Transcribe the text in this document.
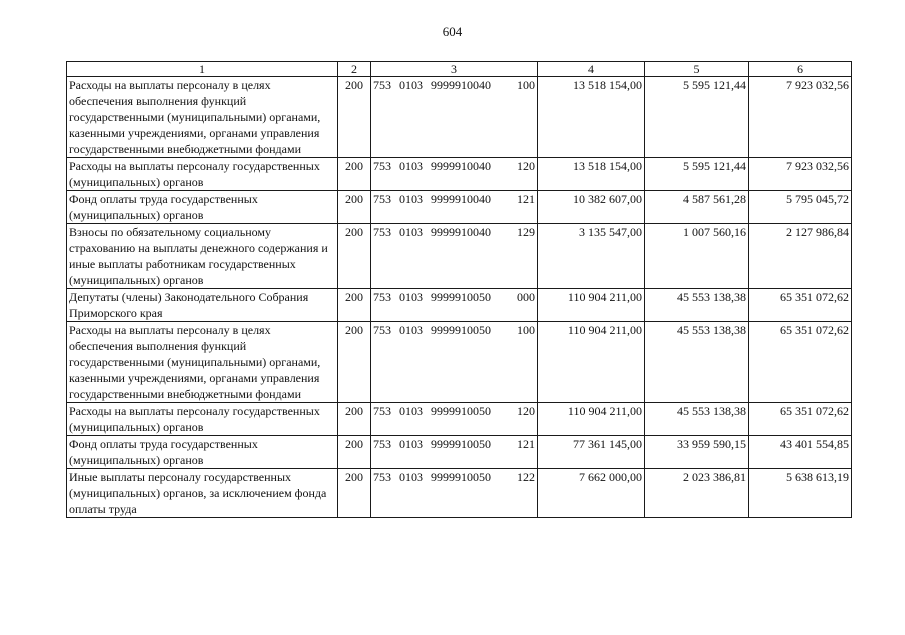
604
1	2	3	4	5	6
Расходы на выплаты персоналу в целях обеспечения выполнения функций государственными (муниципальными) органами, казенными учреждениями, органами управления государственными внебюджетными фондами	200	753 0103 9999910040 100	13 518 154,00	5 595 121,44	7 923 032,56
Расходы на выплаты персоналу государственных (муниципальных) органов	200	753 0103 9999910040 120	13 518 154,00	5 595 121,44	7 923 032,56
Фонд оплаты труда государственных (муниципальных) органов	200	753 0103 9999910040 121	10 382 607,00	4 587 561,28	5 795 045,72
Взносы по обязательному социальному страхованию на выплаты денежного содержания и иные выплаты работникам государственных (муниципальных) органов	200	753 0103 9999910040 129	3 135 547,00	1 007 560,16	2 127 986,84
Депутаты (члены) Законодательного Собрания Приморского края	200	753 0103 9999910050 000	110 904 211,00	45 553 138,38	65 351 072,62
Расходы на выплаты персоналу в целях обеспечения выполнения функций государственными (муниципальными) органами, казенными учреждениями, органами управления государственными внебюджетными фондами	200	753 0103 9999910050 100	110 904 211,00	45 553 138,38	65 351 072,62
Расходы на выплаты персоналу государственных (муниципальных) органов	200	753 0103 9999910050 120	110 904 211,00	45 553 138,38	65 351 072,62
Фонд оплаты труда государственных (муниципальных) органов	200	753 0103 9999910050 121	77 361 145,00	33 959 590,15	43 401 554,85
Иные выплаты персоналу государственных (муниципальных) органов, за исключением фонда оплаты труда	200	753 0103 9999910050 122	7 662 000,00	2 023 386,81	5 638 613,19
